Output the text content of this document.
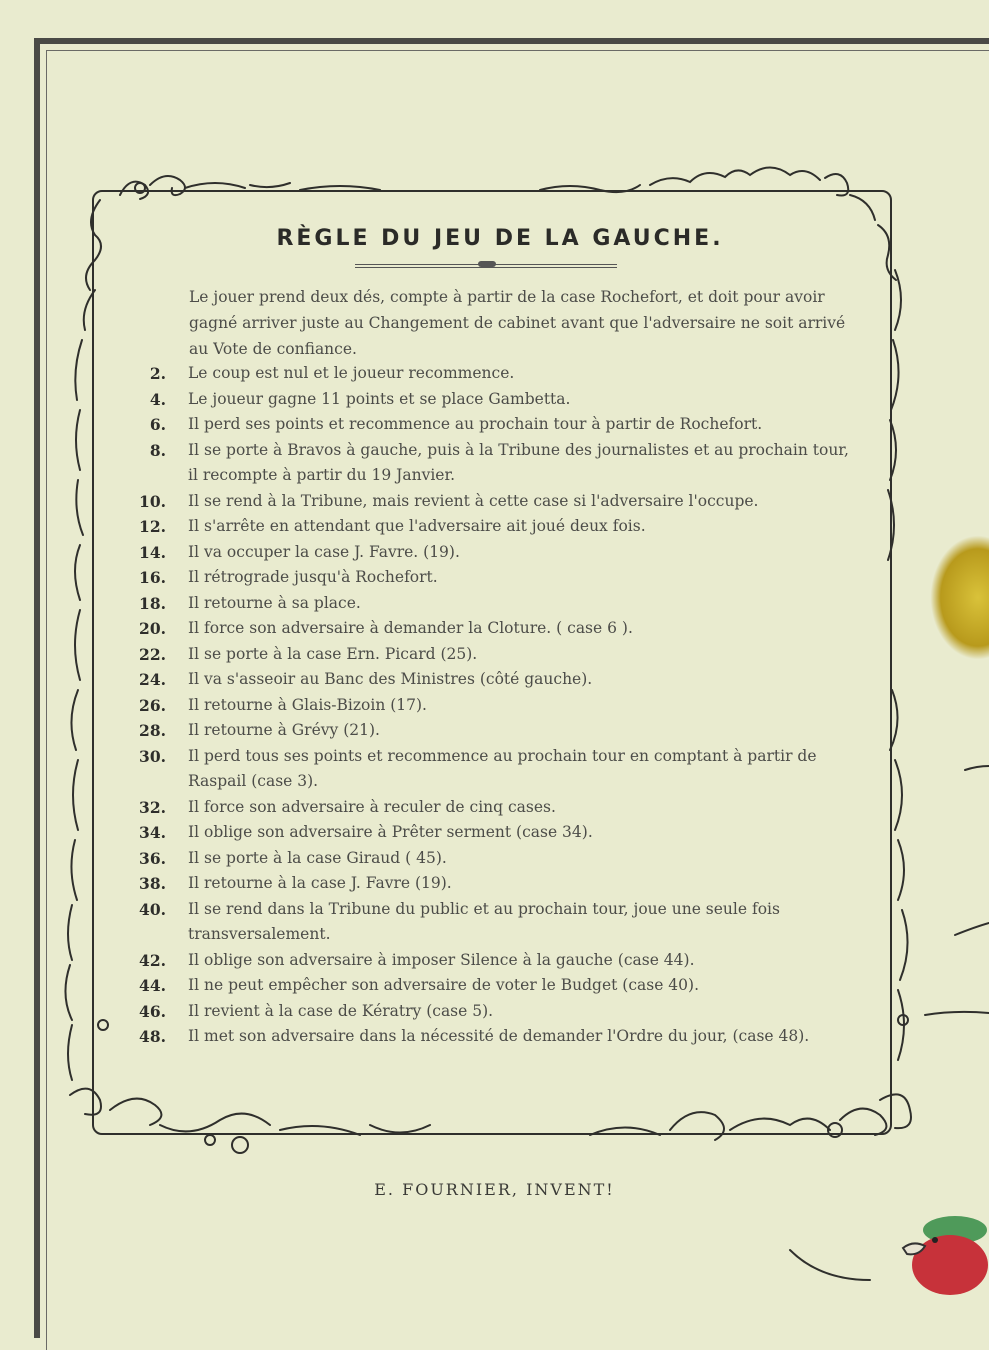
RÈGLE DU JEU DE LA GAUCHE.
Le jouer prend deux dés, compte à partir de la case Rochefort, et doit pour avoir gagné arriver juste au Changement de cabinet avant que l'adversaire ne soit arrivé au Vote de confiance.
2.	Le coup est nul et le joueur recommence.
4.	Le joueur gagne 11 points et se place Gambetta.
6.	Il perd ses points et recommence au prochain tour à partir de Rochefort.
8.	Il se porte à Bravos à gauche, puis à la Tribune des journalistes et au prochain tour, il recompte à partir du 19 Janvier.
10.	Il se rend à la Tribune, mais revient à cette case si l'adversaire l'occupe.
12.	Il s'arrête en attendant que l'adversaire ait joué deux fois.
14.	Il va occuper la case J. Favre. (19).
16.	Il rétrograde jusqu'à Rochefort.
18.	Il retourne à sa place.
20.	Il force son adversaire à demander la Cloture. ( case 6 ).
22.	Il se porte à la case Ern. Picard (25).
24.	Il va s'asseoir au Banc des Ministres (côté gauche).
26.	Il retourne à Glais-Bizoin (17).
28.	Il retourne à Grévy (21).
30.	Il perd tous ses points et recommence au prochain tour en comptant à partir de Raspail (case 3).
32.	Il force son adversaire à reculer de cinq cases.
34.	Il oblige son adversaire à Prêter serment (case 34).
36.	Il se porte à la case Giraud ( 45).
38.	Il retourne à la case J. Favre (19).
40.	Il se rend dans la Tribune du public et au prochain tour, joue une seule fois transversalement.
42.	Il oblige son adversaire à imposer Silence à la gauche (case 44).
44.	Il ne peut empêcher son adversaire de voter le Budget (case 40).
46.	Il revient à la case de Kératry (case 5).
48.	Il met son adversaire dans la nécessité de demander l'Ordre du jour, (case 48).
E. FOURNIER, INVENT!
